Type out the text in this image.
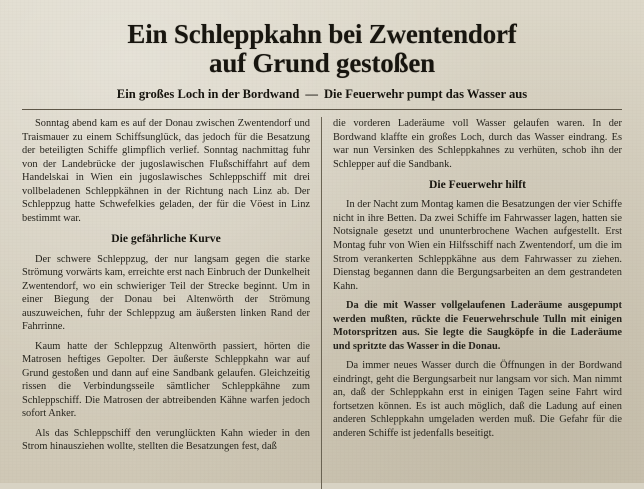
Ein Schleppkahn bei Zwentendorf
auf Grund gestoßen
Ein großes Loch in der Bordwand — Die Feuerwehr pumpt das Wasser aus

Sonntag abend kam es auf der Donau zwischen Zwentendorf und Traismauer zu einem Schiffsunglück, das jedoch für die Besatzung der beteiligten Schiffe glimpflich verlief. Sonntag nachmittag fuhr von der Landebrücke der jugoslawischen Flußschiffahrt auf dem Handelskai in Wien ein jugoslawisches Schleppschiff mit drei vollbeladenen Schleppkähnen in der Richtung nach Linz ab. Der Schleppzug hatte Schwefelkies geladen, der für die Vöest in Linz bestimmt war.

Die gefährliche Kurve

Der schwere Schleppzug, der nur langsam gegen die starke Strömung vorwärts kam, erreichte erst nach Einbruch der Dunkelheit Zwentendorf, wo ein schwieriger Teil der Strecke beginnt. Um in einer Biegung der Donau bei Altenwörth der Strömung auszuweichen, fuhr der Schleppzug am äußersten linken Rand der Fahrrinne.

Kaum hatte der Schleppzug Altenwörth passiert, hörten die Matrosen heftiges Gepolter. Der äußerste Schleppkahn war auf Grund gestoßen und dann auf eine Sandbank gelaufen. Gleichzeitig rissen die Verbindungsseile sämtlicher Schleppkähne zum Schleppschiff. Die Matrosen der abtreibenden Kähne warfen jedoch sofort Anker.

Als das Schleppschiff den verunglückten Kahn wieder in den Strom hinausziehen wollte, stellten die Besatzungen fest, daß

die vorderen Laderäume voll Wasser gelaufen waren. In der Bordwand klaffte ein großes Loch, durch das Wasser eindrang. Es war nun Versinken des Schleppkahnes zu verhüten, schob ihn der Schlepper auf die Sandbank.

Die Feuerwehr hilft

In der Nacht zum Montag kamen die Besatzungen der vier Schiffe nicht in ihre Betten. Da zwei Schiffe im Fahrwasser lagen, hatten sie Notsignale gesetzt und ununterbrochene Wachen aufgestellt. Erst Montag fuhr von Wien ein Hilfsschiff nach Zwentendorf, um die im Strom verankerten Schleppkähne aus dem Fahrwasser zu ziehen. Dienstag begannen dann die Bergungsarbeiten an dem gestrandeten Kahn.

Da die mit Wasser vollgelaufenen Laderäume ausgepumpt werden mußten, rückte die Feuerwehrschule Tulln mit einigen Motorspritzen aus. Sie legte die Saugköpfe in die Laderäume und spritzte das Wasser in die Donau.

Da immer neues Wasser durch die Öffnungen in der Bordwand eindringt, geht die Bergungsarbeit nur langsam vor sich. Man nimmt an, daß der Schleppkahn erst in einigen Tagen seine Fahrt wird fortsetzen können. Es ist auch möglich, daß die Ladung auf einen anderen Schleppkahn umgeladen werden muß. Die Gefahr für die anderen Schiffe ist jedenfalls beseitigt.
